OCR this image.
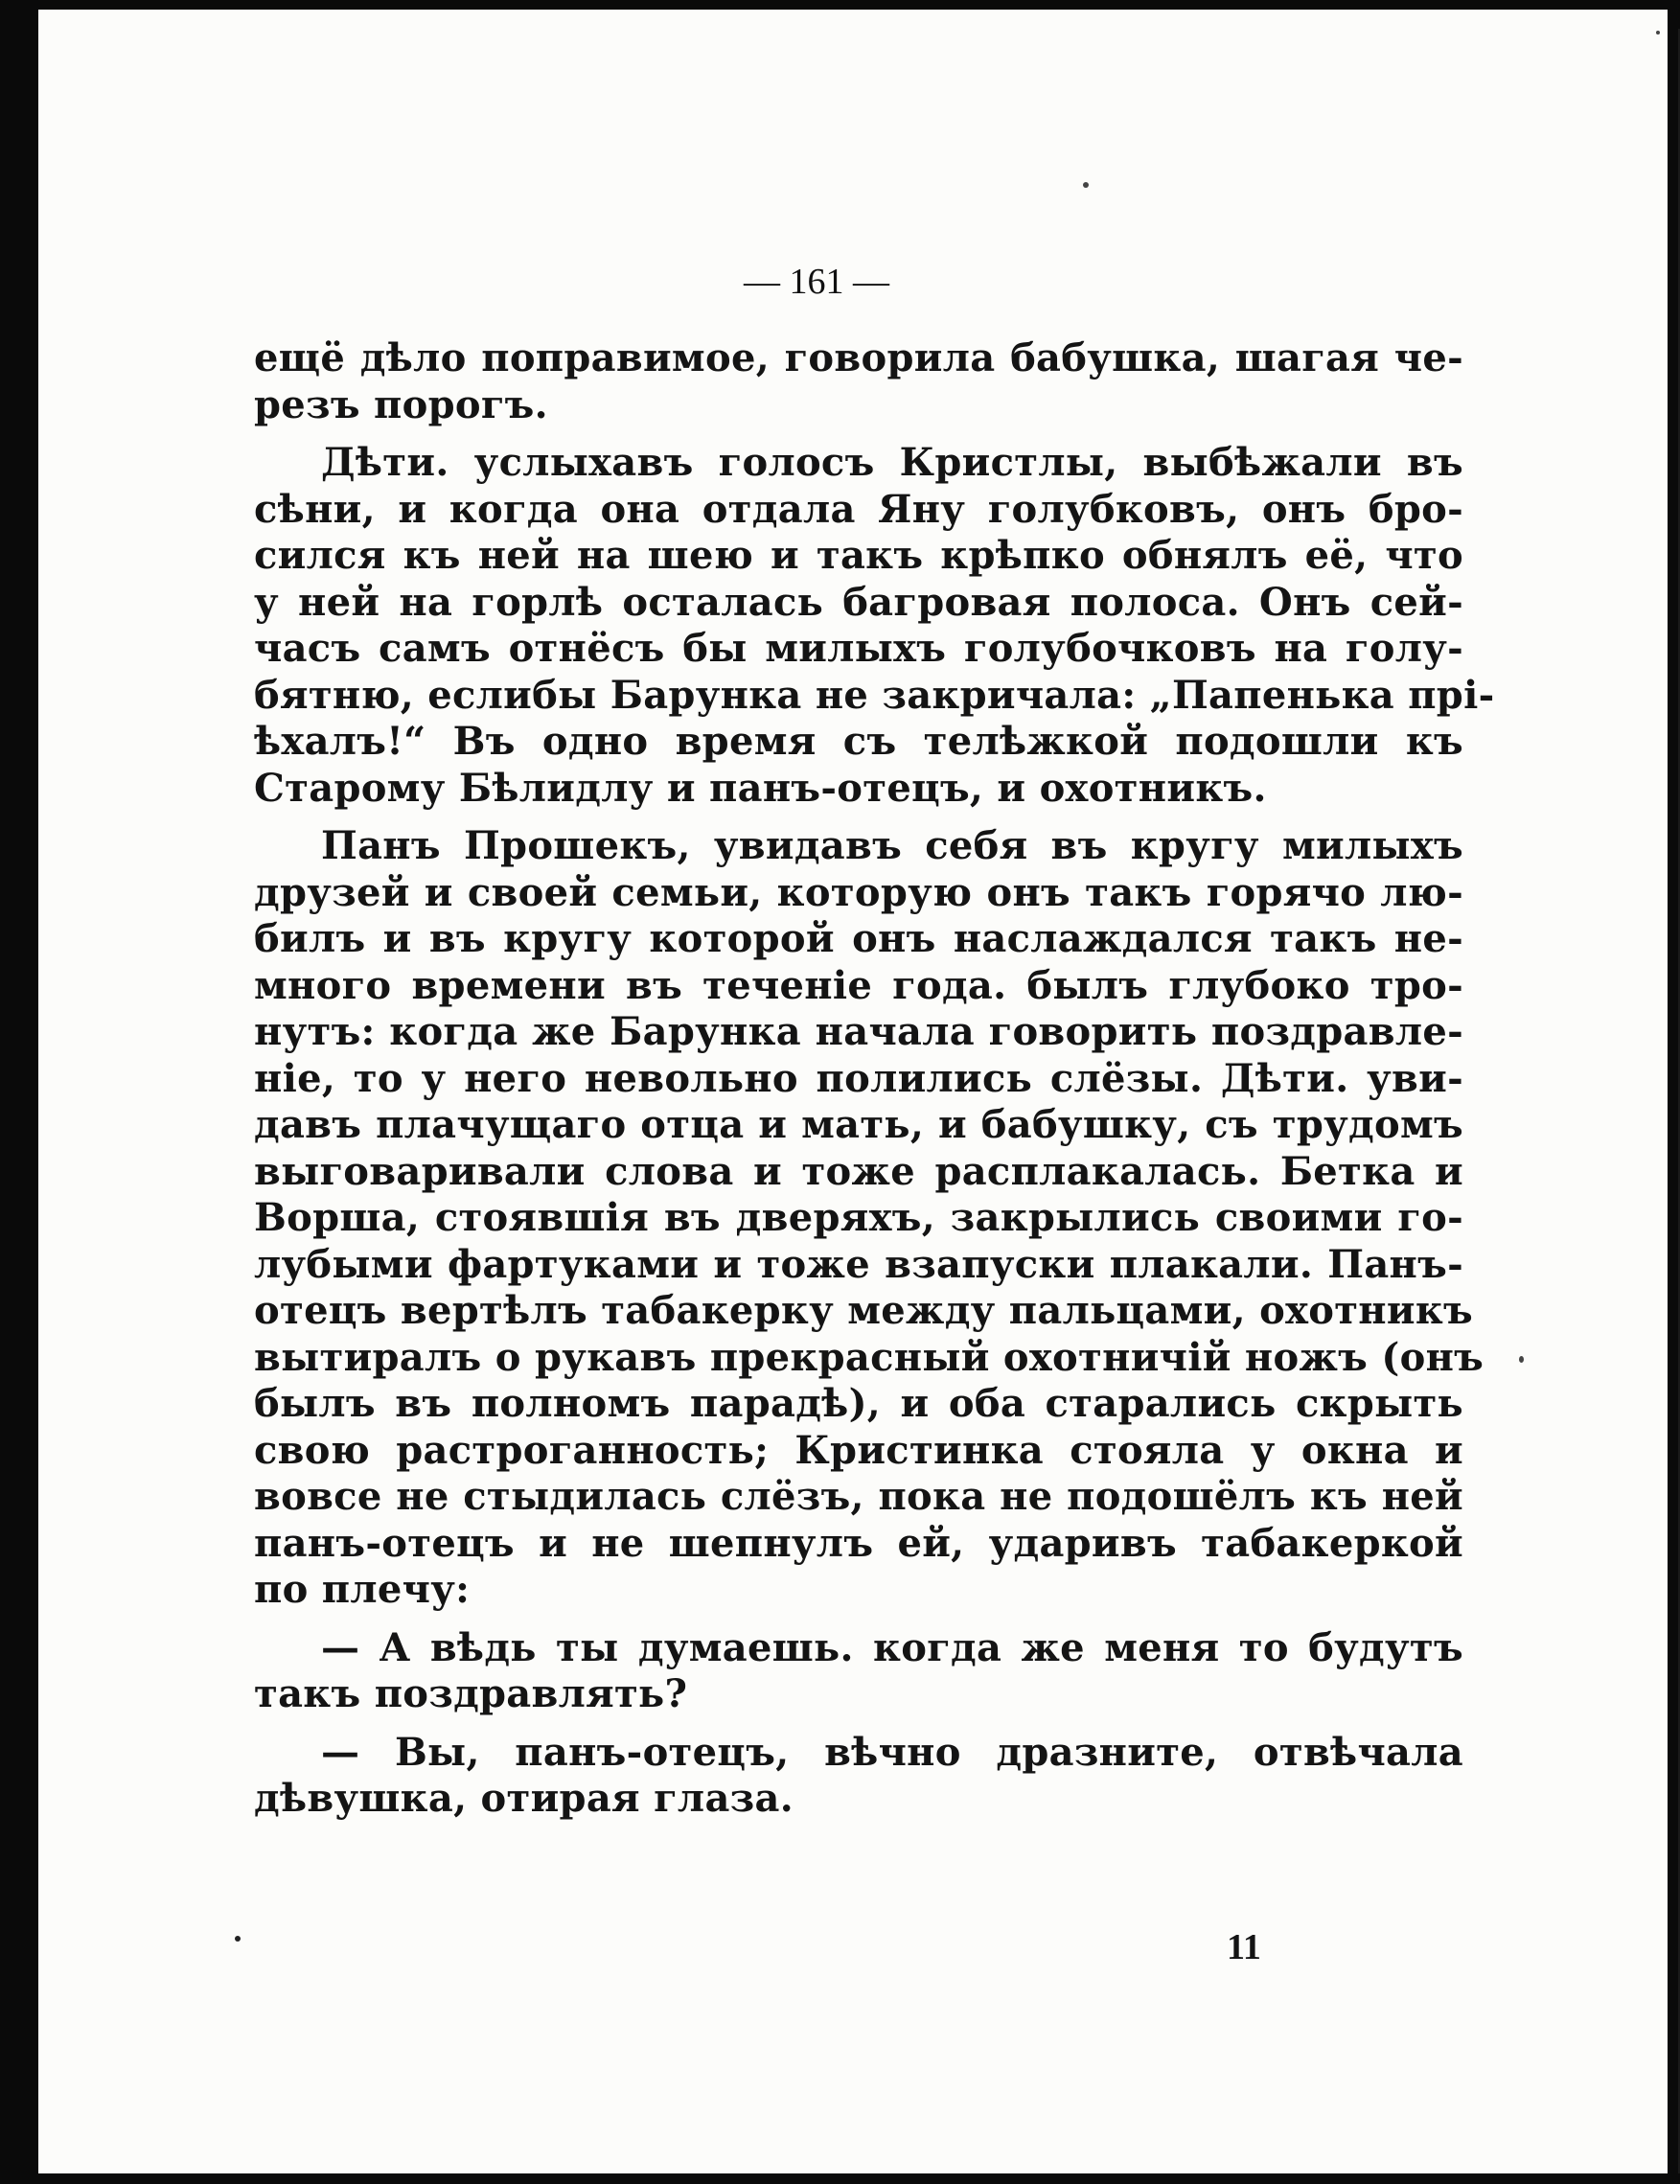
— 161 —
ещё дѣло поправимое, говорила бабушка, шагая че-
резъ порогъ.
Дѣти. услыхавъ голосъ Кристлы, выбѣжали въ
сѣни, и когда она отдала Яну голубковъ, онъ бро-
сился къ ней на шею и такъ крѣпко обнялъ её, что
у ней на горлѣ осталась багровая полоса. Онъ сей-
часъ самъ отнёсъ бы милыхъ голубочковъ на голу-
бятню, еслибы Барунка не закричала: „Папенька прі-
ѣхалъ!“ Въ одно время съ телѣжкой подошли къ
Старому Бѣлидлу и панъ-отецъ, и охотникъ.
Панъ Прошекъ, увидавъ себя въ кругу милыхъ
друзей и своей семьи, которую онъ такъ горячо лю-
билъ и въ кругу которой онъ наслаждался такъ не-
много времени въ теченіе года. былъ глубоко тро-
нутъ: когда же Барунка начала говорить поздравле-
ніе, то у него невольно полились слёзы. Дѣти. уви-
давъ плачущаго отца и мать, и бабушку, съ трудомъ
выговаривали слова и тоже расплакалась. Бетка и
Ворша, стоявшія въ дверяхъ, закрылись своими го-
лубыми фартуками и тоже взапуски плакали. Панъ-
отецъ вертѣлъ табакерку между пальцами, охотникъ
вытиралъ о рукавъ прекрасный охотничій ножъ (онъ
былъ въ полномъ парадѣ), и оба старались скрыть
свою растроганность; Кристинка стояла у окна и
вовсе не стыдилась слёзъ, пока не подошёлъ къ ней
панъ-отецъ и не шепнулъ ей, ударивъ табакеркой
по плечу:
— А вѣдь ты думаешь. когда же меня то будутъ
такъ поздравлять?
— Вы, панъ-отецъ, вѣчно дразните, отвѣчала
дѣвушка, отирая глаза.
11
